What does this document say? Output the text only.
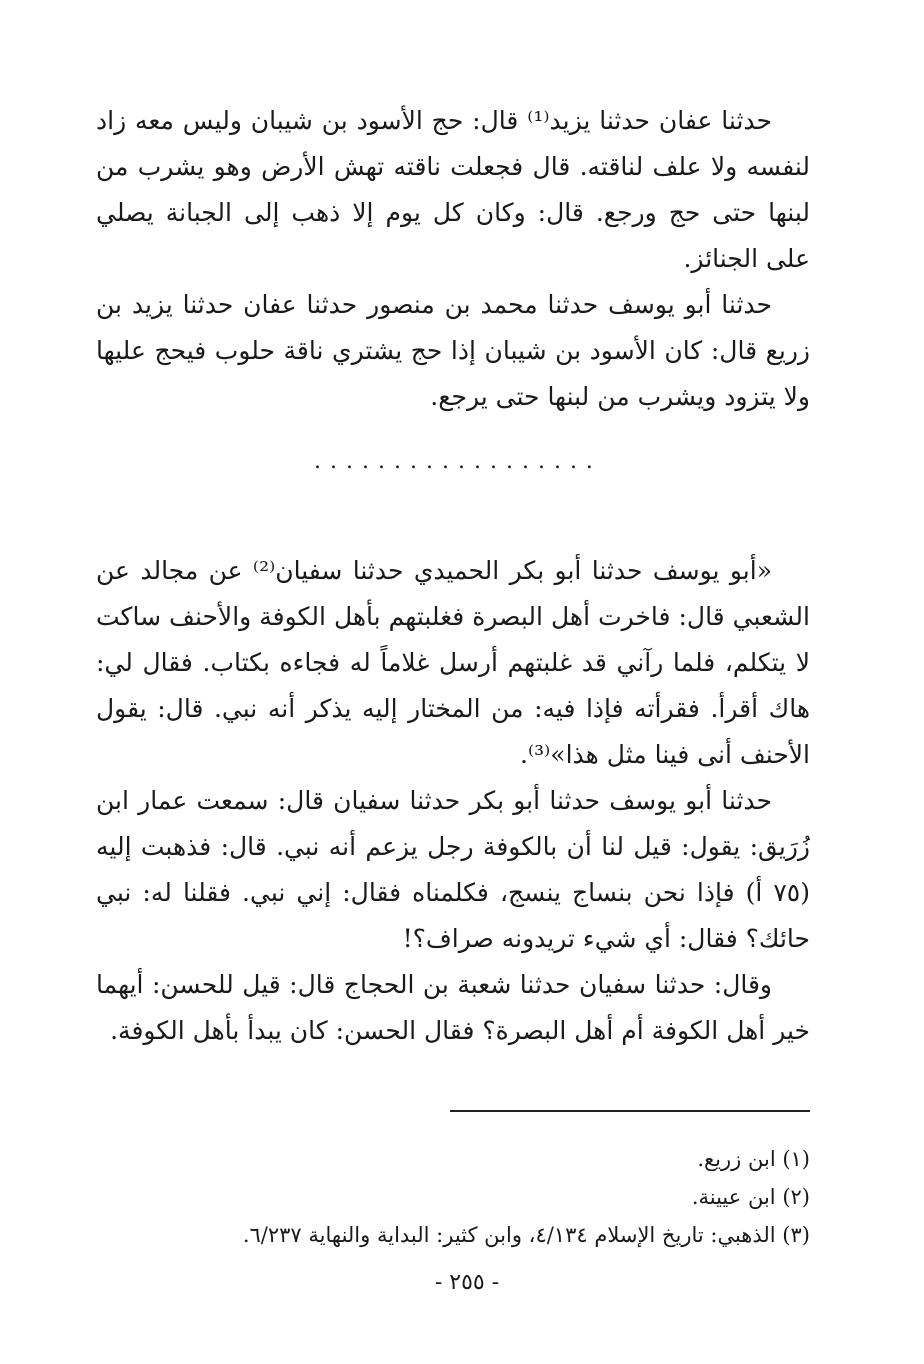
حدثنا عفان حدثنا يزيد⁽¹⁾ قال: حج الأسود بن شيبان وليس معه زاد لنفسه ولا علف لناقته. قال فجعلت ناقته تهش الأرض وهو يشرب من لبنها حتى حج ورجع. قال: وكان كل يوم إلا ذهب إلى الجبانة يصلي على الجنائز.

حدثنا أبو يوسف حدثنا محمد بن منصور حدثنا عفان حدثنا يزيد بن زريع قال: كان الأسود بن شيبان إذا حج يشتري ناقة حلوب فيحج عليها ولا يتزود ويشرب من لبنها حتى يرجع.

..................

«أبو يوسف حدثنا أبو بكر الحميدي حدثنا سفيان⁽²⁾ عن مجالد عن الشعبي قال: فاخرت أهل البصرة فغلبتهم بأهل الكوفة والأحنف ساكت لا يتكلم، فلما رآني قد غلبتهم أرسل غلاماً له فجاءه بكتاب. فقال لي: هاك أقرأ. فقرأته فإذا فيه: من المختار إليه يذكر أنه نبي. قال: يقول الأحنف أنى فينا مثل هذا»⁽³⁾.

حدثنا أبو يوسف حدثنا أبو بكر حدثنا سفيان قال: سمعت عمار ابن زُرَيق: يقول: قيل لنا أن بالكوفة رجل يزعم أنه نبي. قال: فذهبت إليه (٧٥ أ) فإذا نحن بنساج ينسج، فكلمناه فقال: إني نبي. فقلنا له: نبي حائك؟ فقال: أي شيء تريدونه صراف؟!

وقال: حدثنا سفيان حدثنا شعبة بن الحجاج قال: قيل للحسن: أيهما خير أهل الكوفة أم أهل البصرة؟ فقال الحسن: كان يبدأ بأهل الكوفة.

(١) ابن زريع.

(٢) ابن عيينة.

(٣) الذهبي: تاريخ الإسلام ٤/١٣٤، وابن كثير: البداية والنهاية ٦/٢٣٧.

- ٢٥٥ -
